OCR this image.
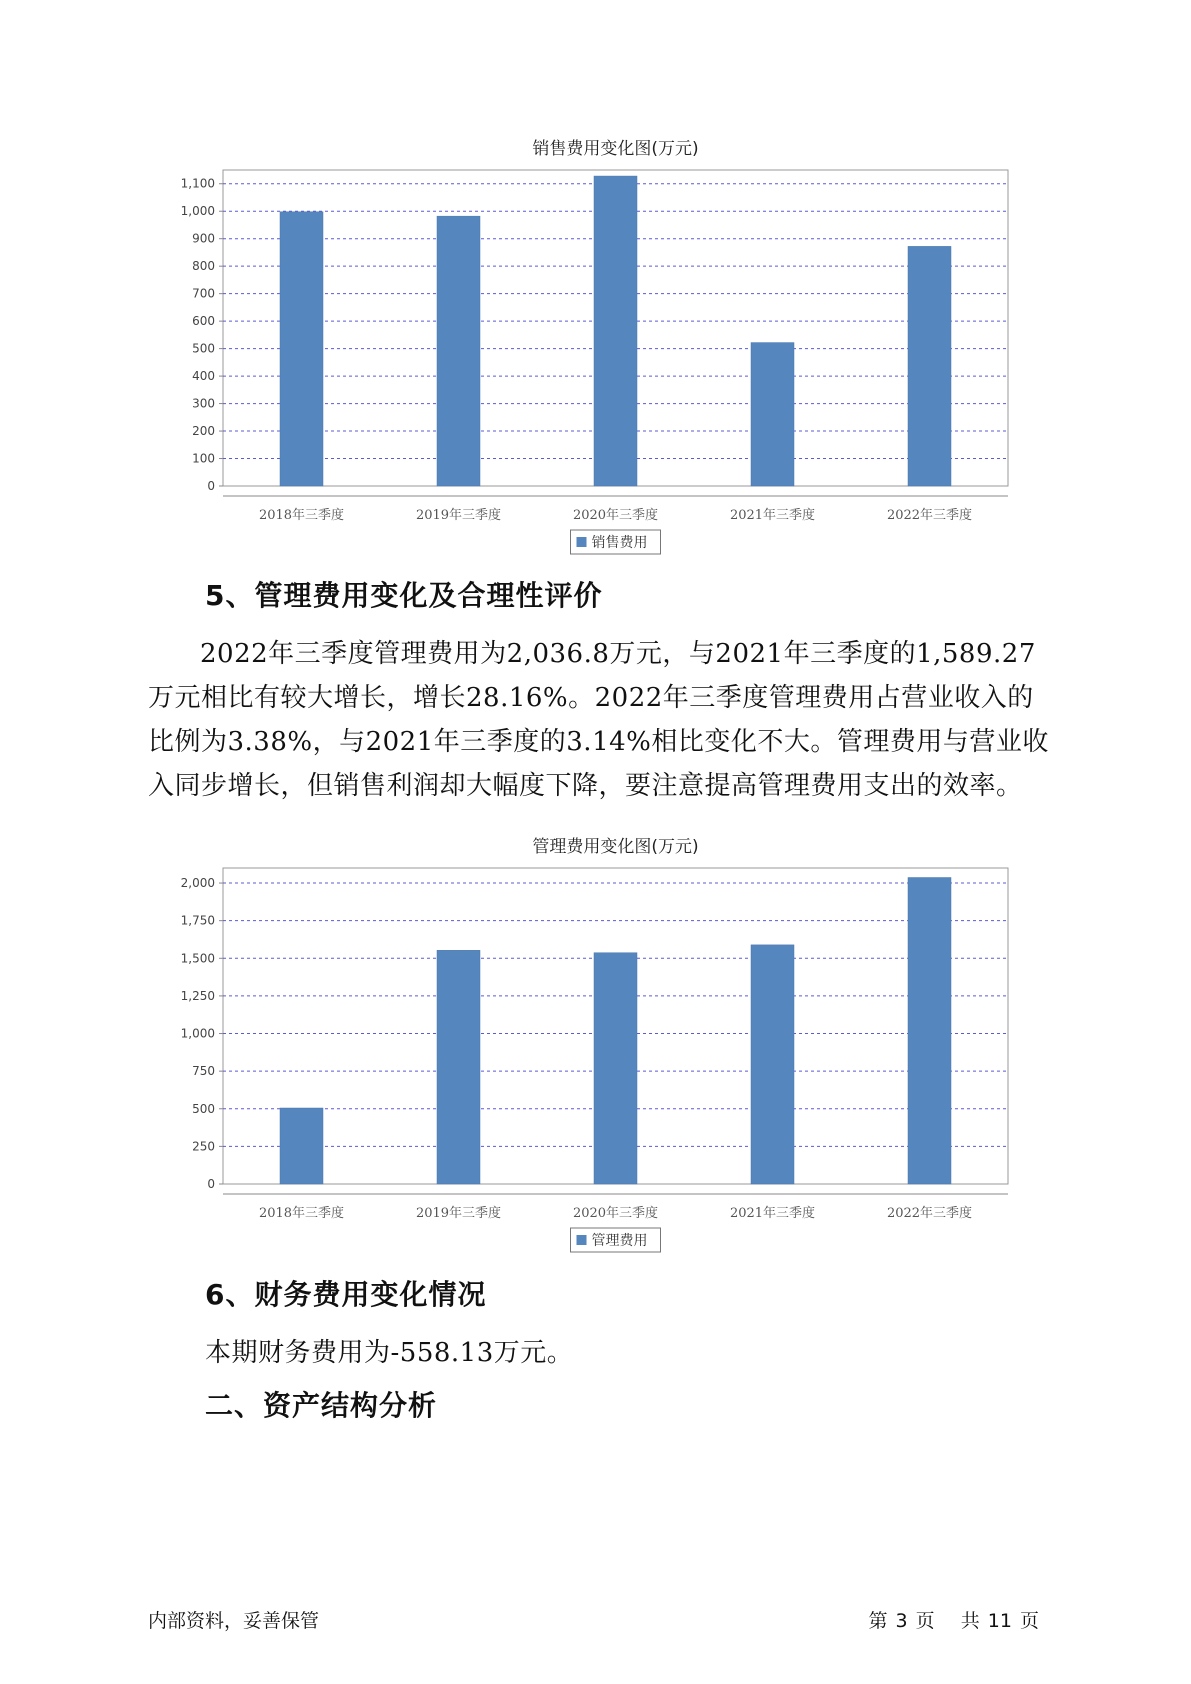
销售费用变化图(万元)
0
100
200
300
400
500
600
700
800
900
1,000
1,100
2018年三季度	2019年三季度	2020年三季度	2021年三季度	2022年三季度
销售费用
5、管理费用变化及合理性评价

2022年三季度管理费用为2,036.8万元，与2021年三季度的1,589.27万元相比有较大增长，增长28.16%。2022年三季度管理费用占营业收入的比例为3.38%，与2021年三季度的3.14%相比变化不大。管理费用与营业收入同步增长，但销售利润却大幅度下降，要注意提高管理费用支出的效率。

管理费用变化图(万元)
0
250
500
750
1,000
1,250
1,500
1,750
2,000
2018年三季度	2019年三季度	2020年三季度	2021年三季度	2022年三季度
管理费用
6、财务费用变化情况

本期财务费用为-558.13万元。

二、资产结构分析
内部资料，妥善保管	第 3 页 共 11 页
